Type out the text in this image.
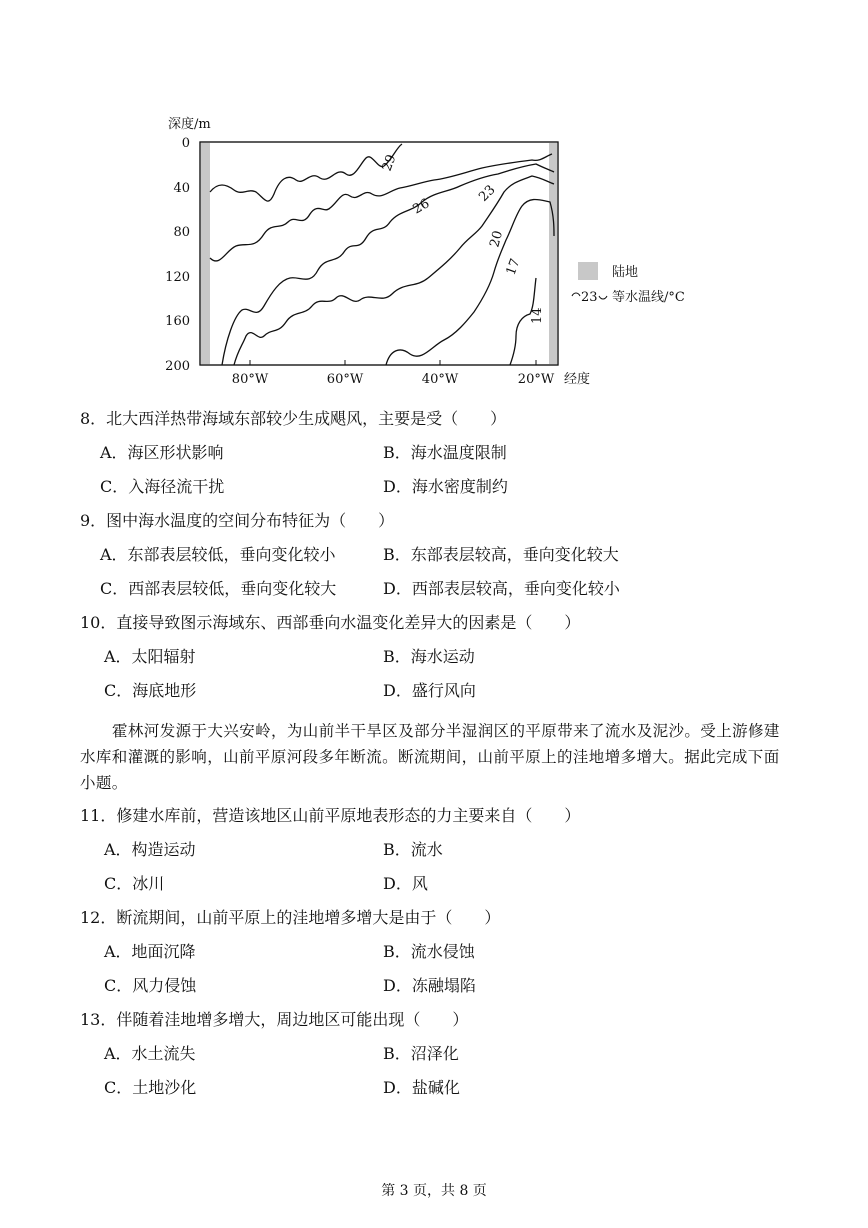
深度/m
0
40
80
120
160
200
80°W	60°W	40°W	20°W 经度
29
26
23
20
17
14
陆地
23 等水温线/°C
8．北大西洋热带海域东部较少生成飓风，主要是受（　　）
A．海区形状影响	B．海水温度限制
C．入海径流干扰	D．海水密度制约
9．图中海水温度的空间分布特征为（　　）
A．东部表层较低，垂向变化较小	B．东部表层较高，垂向变化较大
C．西部表层较低，垂向变化较大	D．西部表层较高，垂向变化较小
10．直接导致图示海域东、西部垂向水温变化差异大的因素是（　　）
A．太阳辐射	B．海水运动
C．海底地形	D．盛行风向
霍林河发源于大兴安岭，为山前半干旱区及部分半湿润区的平原带来了流水及泥沙。受上游修建水库和灌溉的影响，山前平原河段多年断流。断流期间，山前平原上的洼地增多增大。据此完成下面小题。
11．修建水库前，营造该地区山前平原地表形态的力主要来自（　　）
A．构造运动	B．流水
C．冰川	D．风
12．断流期间，山前平原上的洼地增多增大是由于（　　）
A．地面沉降	B．流水侵蚀
C．风力侵蚀	D．冻融塌陷
13．伴随着洼地增多增大，周边地区可能出现（　　）
A．水土流失	B．沼泽化
C．土地沙化	D．盐碱化
第 3 页，共 8 页
